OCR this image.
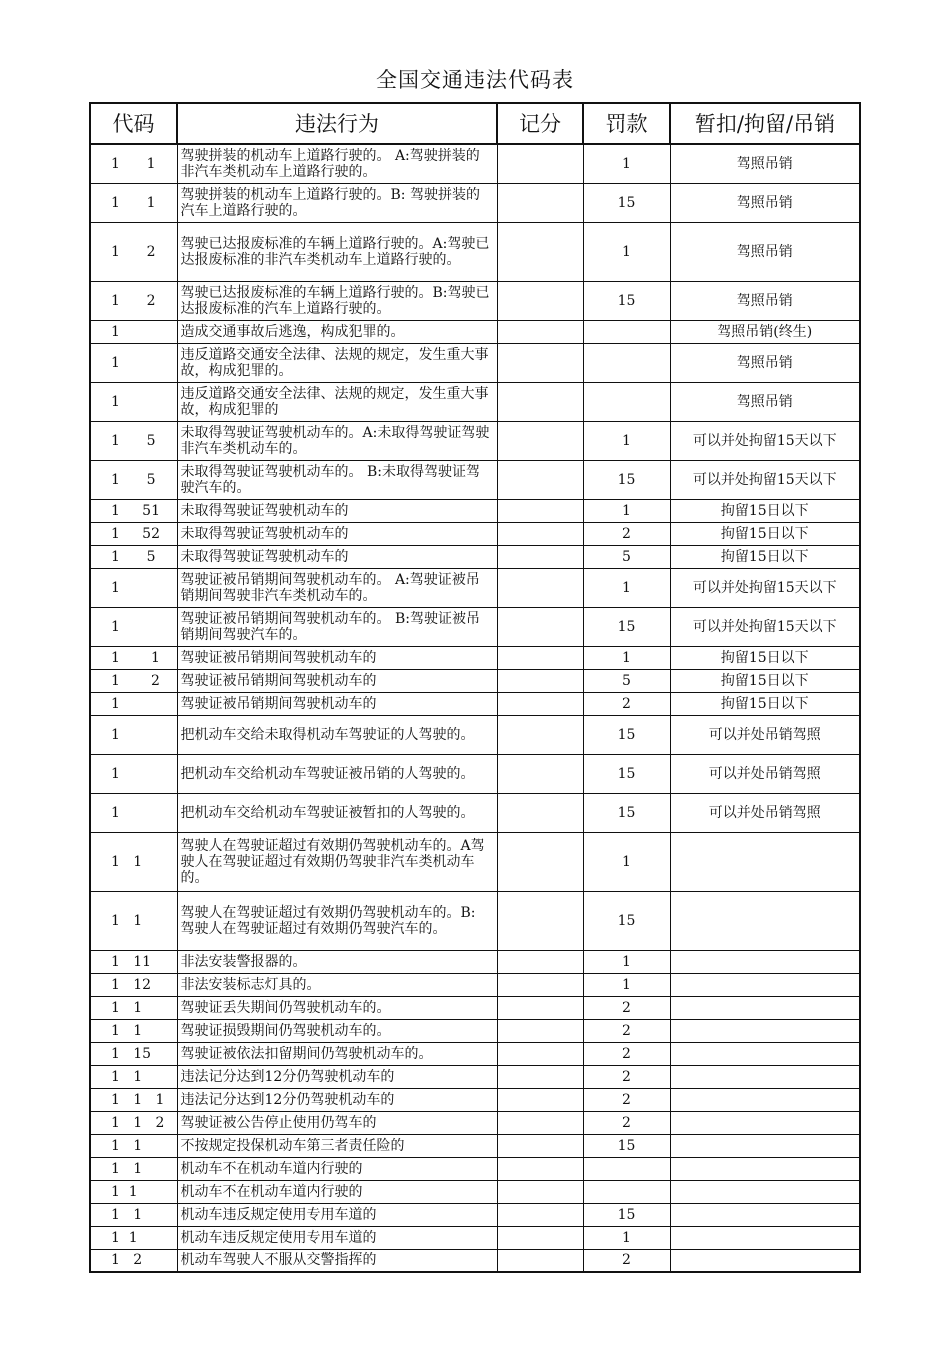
全国交通违法代码表
代码	违法行为	记分	罚款	暂扣/拘留/吊销
1      1	驾驶拼装的机动车上道路行驶的。 A:驾驶拼装的非汽车类机动车上道路行驶的。		1	驾照吊销
1      1	驾驶拼装的机动车上道路行驶的。B: 驾驶拼装的汽车上道路行驶的。		15	驾照吊销
1      2	驾驶已达报废标准的车辆上道路行驶的。A:驾驶已达报废标准的非汽车类机动车上道路行驶的。		1	驾照吊销
1      2	驾驶已达报废标准的车辆上道路行驶的。B:驾驶已达报废标准的汽车上道路行驶的。		15	驾照吊销
1	造成交通事故后逃逸，构成犯罪的。			驾照吊销(终生)
1	违反道路交通安全法律、法规的规定，发生重大事故，构成犯罪的。			驾照吊销
1	违反道路交通安全法律、法规的规定，发生重大事故，构成犯罪的			驾照吊销
1      5	未取得驾驶证驾驶机动车的。A:未取得驾驶证驾驶非汽车类机动车的。		1	可以并处拘留15天以下
1      5	未取得驾驶证驾驶机动车的。 B:未取得驾驶证驾驶汽车的。		15	可以并处拘留15天以下
1     51	未取得驾驶证驾驶机动车的		1	拘留15日以下
1     52	未取得驾驶证驾驶机动车的		2	拘留15日以下
1      5	未取得驾驶证驾驶机动车的		5	拘留15日以下
1	驾驶证被吊销期间驾驶机动车的。 A:驾驶证被吊销期间驾驶非汽车类机动车的。		1	可以并处拘留15天以下
1	驾驶证被吊销期间驾驶机动车的。 B:驾驶证被吊销期间驾驶汽车的。		15	可以并处拘留15天以下
1       1	驾驶证被吊销期间驾驶机动车的		1	拘留15日以下
1       2	驾驶证被吊销期间驾驶机动车的		5	拘留15日以下
1	驾驶证被吊销期间驾驶机动车的		2	拘留15日以下
1	把机动车交给未取得机动车驾驶证的人驾驶的。		15	可以并处吊销驾照
1	把机动车交给机动车驾驶证被吊销的人驾驶的。		15	可以并处吊销驾照
1	把机动车交给机动车驾驶证被暂扣的人驾驶的。		15	可以并处吊销驾照
1   1	驾驶人在驾驶证超过有效期仍驾驶机动车的。A驾驶人在驾驶证超过有效期仍驾驶非汽车类机动车的。		1	
1   1	驾驶人在驾驶证超过有效期仍驾驶机动车的。B: 驾驶人在驾驶证超过有效期仍驾驶汽车的。		15	
1   11	非法安装警报器的。		1	
1   12	非法安装标志灯具的。		1	
1   1	驾驶证丢失期间仍驾驶机动车的。		2	
1   1	驾驶证损毁期间仍驾驶机动车的。		2	
1   15	驾驶证被依法扣留期间仍驾驶机动车的。		2	
1   1	违法记分达到12分仍驾驶机动车的		2	
1   1   1	违法记分达到12分仍驾驶机动车的		2	
1   1   2	驾驶证被公告停止使用仍驾车的		2	
1   1	不按规定投保机动车第三者责任险的		15	
1   1	机动车不在机动车道内行驶的			
1  1	机动车不在机动车道内行驶的			
1   1	机动车违反规定使用专用车道的		15	
1  1	机动车违反规定使用专用车道的		1	
1   2	机动车驾驶人不服从交警指挥的		2	
